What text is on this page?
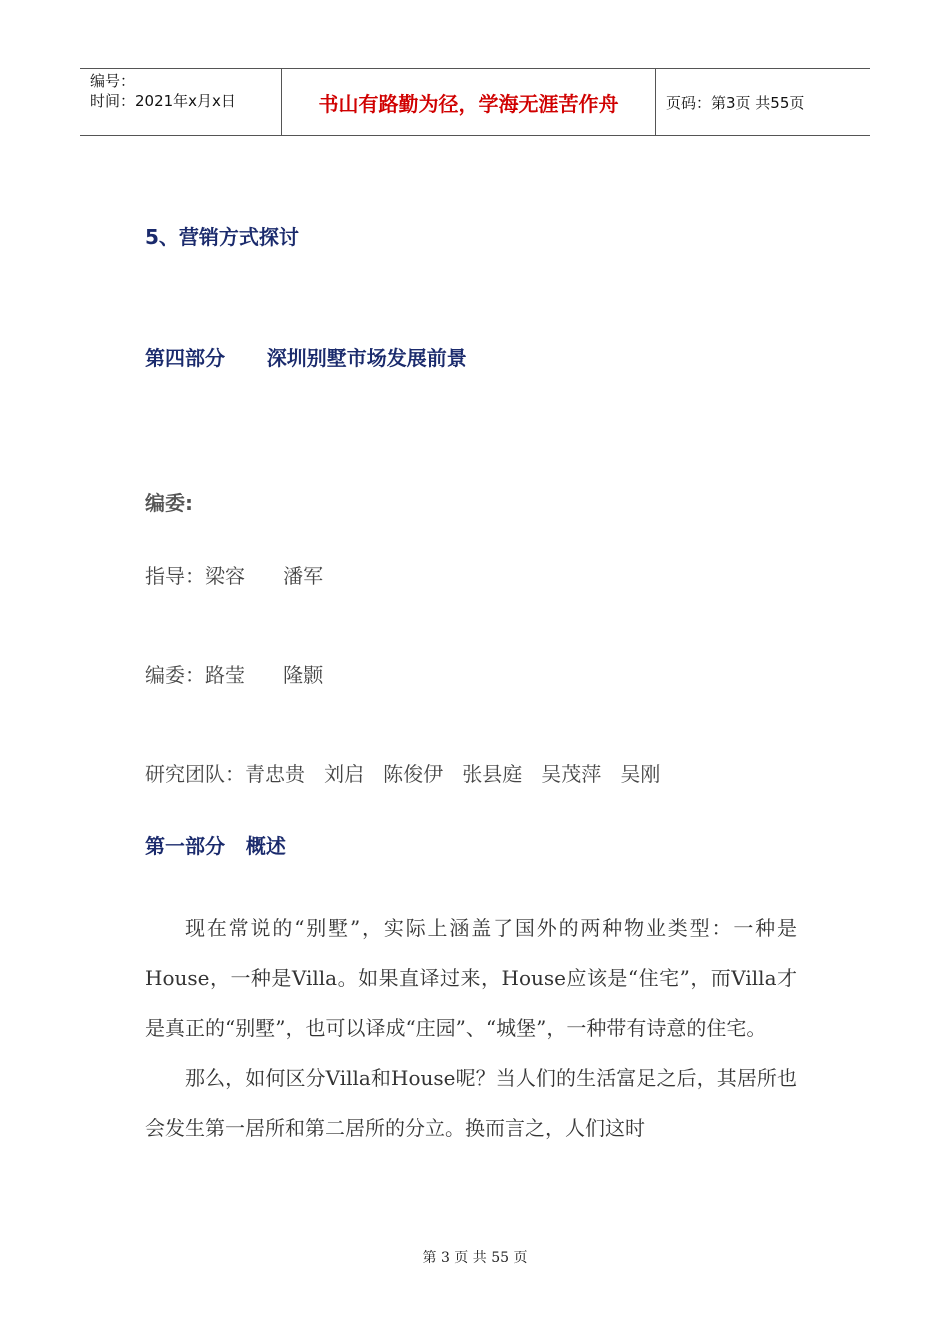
编号：
时间：2021年x月x日	书山有路勤为径，学海无涯苦作舟	页码：第3页 共55页
5、营销方式探讨
第四部分      深圳别墅市场发展前景
编委:

指导：梁容      潘军

编委：路莹      隆颢

研究团队：青忠贵   刘启   陈俊伊   张县庭   吴茂萍   吴刚

第一部分   概述

现在常说的“别墅”，实际上涵盖了国外的两种物业类型：一种是House，一种是Villa。如果直译过来，House应该是“住宅”，而Villa才是真正的“别墅”，也可以译成“庄园”、“城堡”，一种带有诗意的住宅。

那么，如何区分Villa和House呢？当人们的生活富足之后，其居所也会发生第一居所和第二居所的分立。换而言之，人们这时

第 3 页 共 55 页
